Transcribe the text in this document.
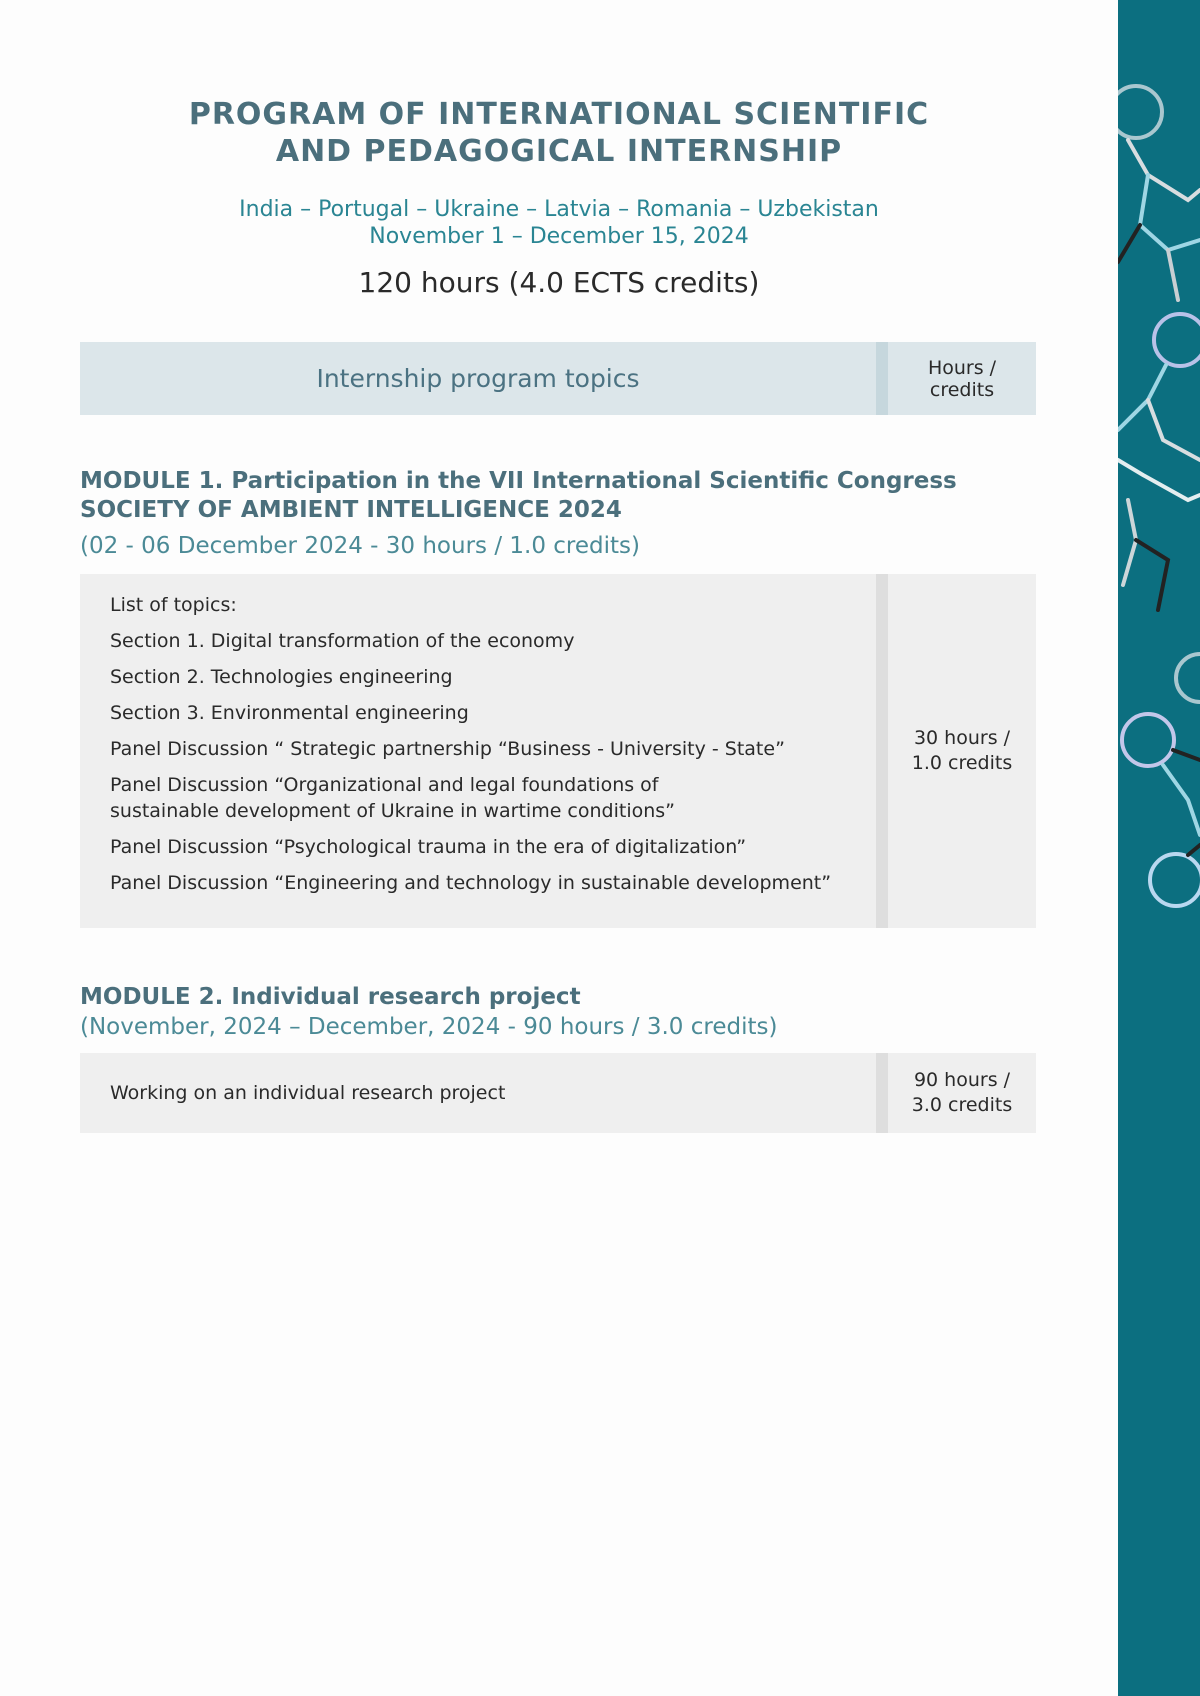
PROGRAM OF INTERNATIONAL SCIENTIFIC
AND PEDAGOGICAL INTERNSHIP

India – Portugal – Ukraine – Latvia – Romania – Uzbekistan

November 1 – December 15, 2024

120 hours (4.0 ECTS credits)

Internship program topics	Hours /
credits
MODULE 1. Participation in the VII International Scientific Congress
SOCIETY OF AMBIENT INTELLIGENCE 2024

(02 - 06 December 2024 - 30 hours / 1.0 credits)

List of topics:
Section 1. Digital transformation of the economy
Section 2. Technologies engineering
Section 3. Environmental engineering
Panel Discussion “ Strategic partnership “Business - University - State”
Panel Discussion “Organizational and legal foundations of sustainable development of Ukraine in wartime conditions”
Panel Discussion “Psychological trauma in the era of digitalization”
Panel Discussion “Engineering and technology in sustainable development”
30 hours /
1.0 credits
MODULE 2. Individual research project

(November, 2024 – December, 2024 - 90 hours / 3.0 credits)

Working on an individual research project
90 hours /
3.0 credits
